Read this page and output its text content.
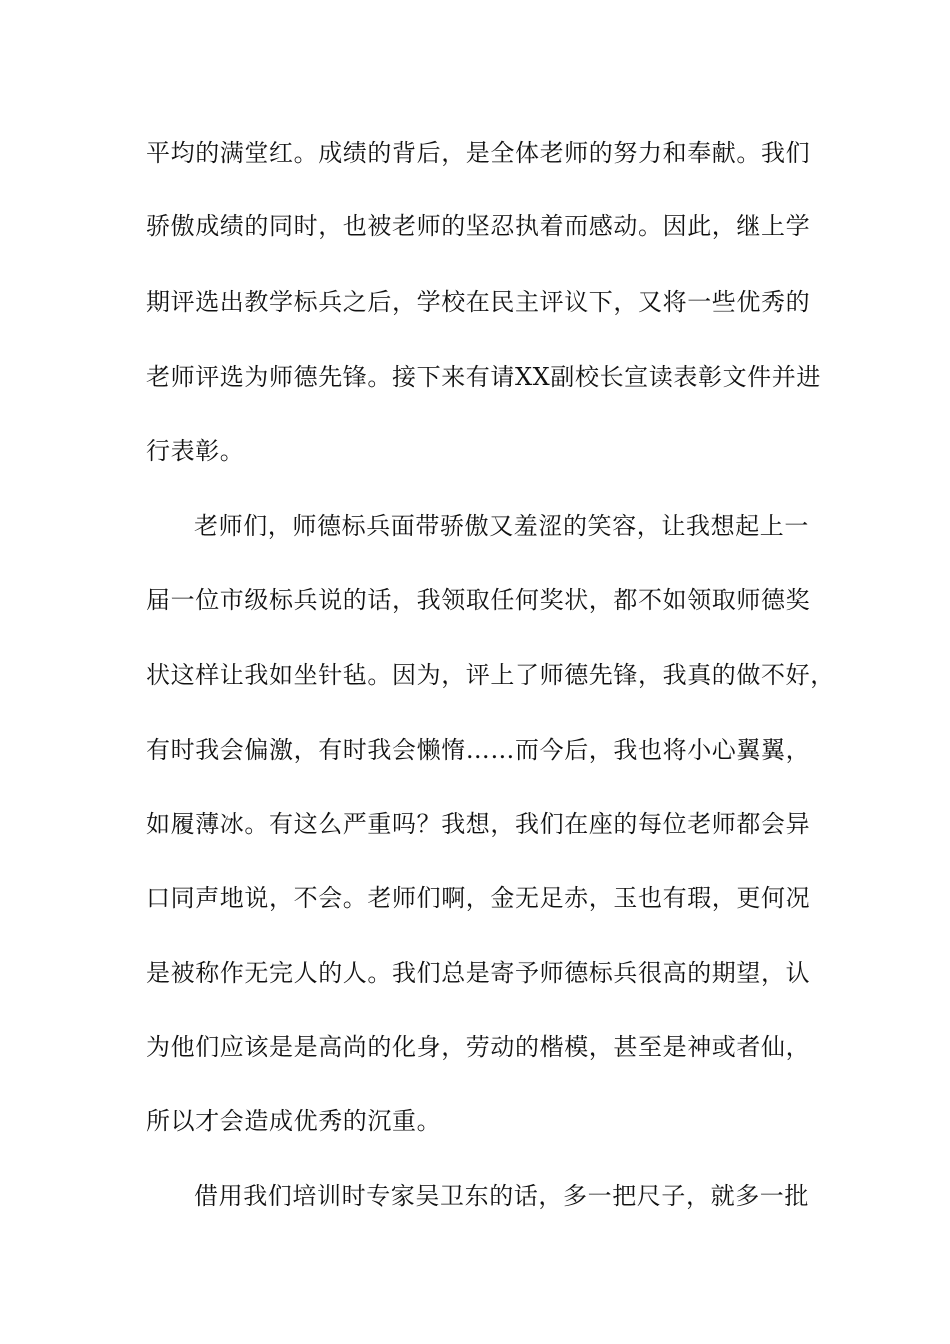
平均的满堂红。成绩的背后，是全体老师的努力和奉献。我们
骄傲成绩的同时，也被老师的坚忍执着而感动。因此，继上学
期评选出教学标兵之后，学校在民主评议下，又将一些优秀的
老师评选为师德先锋。接下来有请XX副校长宣读表彰文件并进
行表彰。
老师们，师德标兵面带骄傲又羞涩的笑容，让我想起上一
届一位市级标兵说的话，我领取任何奖状，都不如领取师德奖
状这样让我如坐针毡。因为，评上了师德先锋，我真的做不好，
有时我会偏激，有时我会懒惰……而今后，我也将小心翼翼，
如履薄冰。有这么严重吗？我想，我们在座的每位老师都会异
口同声地说，不会。老师们啊，金无足赤，玉也有瑕，更何况
是被称作无完人的人。我们总是寄予师德标兵很高的期望，认
为他们应该是是高尚的化身，劳动的楷模，甚至是神或者仙，
所以才会造成优秀的沉重。
借用我们培训时专家吴卫东的话，多一把尺子，就多一批
